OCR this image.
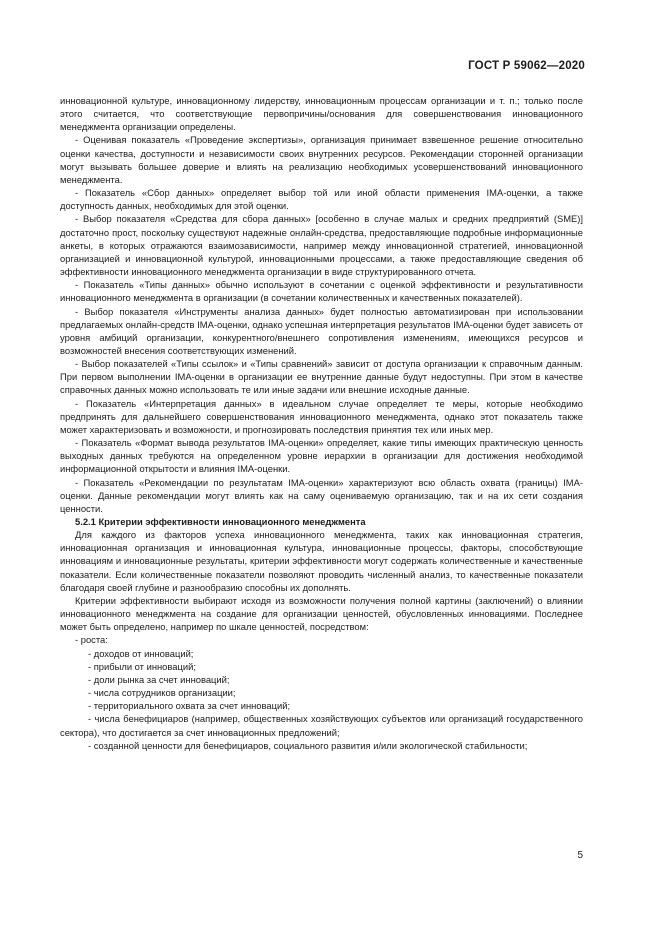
ГОСТ Р 59062—2020

инновационной культуре, инновационному лидерству, инновационным процессам организации и т. п.; только после этого считается, что соответствующие первопричины/основания для совершенствования инновационного менеджмента организации определены.

- Оценивая показатель «Проведение экспертизы», организация принимает взвешенное решение относительно оценки качества, доступности и независимости своих внутренних ресурсов. Рекомендации сторонней организации могут вызывать большее доверие и влиять на реализацию необходимых усовершенствований инновационного менеджмента.

- Показатель «Сбор данных» определяет выбор той или иной области применения IMA-оценки, а также доступность данных, необходимых для этой оценки.

- Выбор показателя «Средства для сбора данных» [особенно в случае малых и средних предприятий (SME)] достаточно прост, поскольку существуют надежные онлайн-средства, предоставляющие подробные информационные анкеты, в которых отражаются взаимозависимости, например между инновационной стратегией, инновационной организацией и инновационной культурой, инновационными процессами, а также предоставляющие сведения об эффективности инновационного менеджмента организации в виде структурированного отчета.

- Показатель «Типы данных» обычно используют в сочетании с оценкой эффективности и результативности инновационного менеджмента в организации (в сочетании количественных и качественных показателей).

- Выбор показателя «Инструменты анализа данных» будет полностью автоматизирован при использовании предлагаемых онлайн-средств IMA-оценки, однако успешная интерпретация результатов IMA-оценки будет зависеть от уровня амбиций организации, конкурентного/внешнего сопротивления изменениям, имеющихся ресурсов и возможностей внесения соответствующих изменений.

- Выбор показателей «Типы ссылок» и «Типы сравнений» зависит от доступа организации к справочным данным. При первом выполнении IMA-оценки в организации ее внутренние данные будут недоступны. При этом в качестве справочных данных можно использовать те или иные задачи или внешние исходные данные.

- Показатель «Интерпретация данных» в идеальном случае определяет те меры, которые необходимо предпринять для дальнейшего совершенствования инновационного менеджмента, однако этот показатель также может характеризовать и возможности, и прогнозировать последствия принятия тех или иных мер.

- Показатель «Формат вывода результатов IMA-оценки» определяет, какие типы имеющих практическую ценность выходных данных требуются на определенном уровне иерархии в организации для достижения необходимой информационной открытости и влияния IMA-оценки.

- Показатель «Рекомендации по результатам IMA-оценки» характеризуют всю область охвата (границы) IMA-оценки. Данные рекомендации могут влиять как на саму оцениваемую организацию, так и на их сети создания ценности.

5.2.1 Критерии эффективности инновационного менеджмента

Для каждого из факторов успеха инновационного менеджмента, таких как инновационная стратегия, инновационная организация и инновационная культура, инновационные процессы, факторы, способствующие инновациям и инновационные результаты, критерии эффективности могут содержать количественные и качественные показатели. Если количественные показатели позволяют проводить численный анализ, то качественные показатели благодаря своей глубине и разнообразию способны их дополнять.

Критерии эффективности выбирают исходя из возможности получения полной картины (заключений) о влиянии инновационного менеджмента на создание для организации ценностей, обусловленных инновациями. Последнее может быть определено, например по шкале ценностей, посредством:

- роста:

- доходов от инноваций;

- прибыли от инноваций;

- доли рынка за счет инноваций;

- числа сотрудников организации;

- территориального охвата за счет инноваций;

- числа бенефициаров (например, общественных хозяйствующих субъектов или организаций государственного сектора), что достигается за счет инновационных предложений;

- созданной ценности для бенефициаров, социального развития и/или экологической стабильности;

5
